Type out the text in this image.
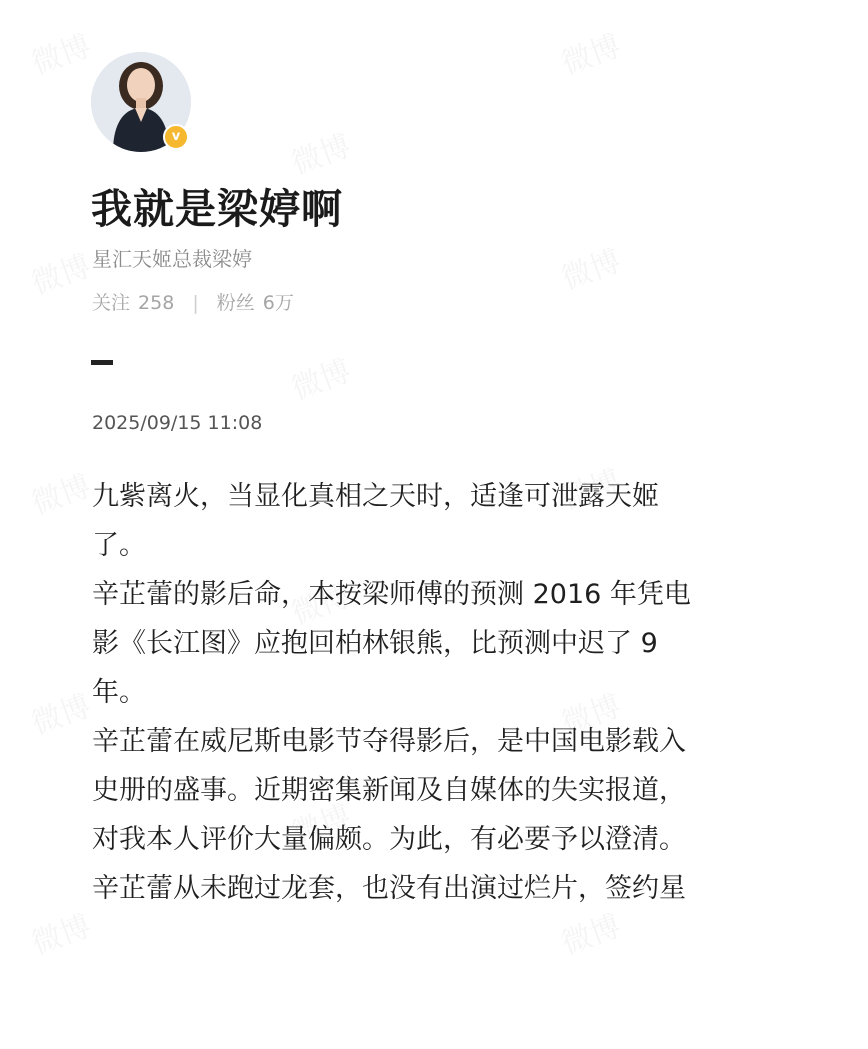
v
我就是梁婷啊
星汇天姬总裁梁婷
关注 258 | 粉丝 6万
2025/09/15 11:08
九紫离火，当显化真相之天时，适逢可泄露天姬
了。
辛芷蕾的影后命，本按梁师傅的预测 2016 年凭电
影《长江图》应抱回柏林银熊，比预测中迟了 9
年。
辛芷蕾在威尼斯电影节夺得影后，是中国电影载入
史册的盛事。近期密集新闻及自媒体的失实报道，
对我本人评价大量偏颇。为此，有必要予以澄清。
辛芷蕾从未跑过龙套，也没有出演过烂片，签约星
